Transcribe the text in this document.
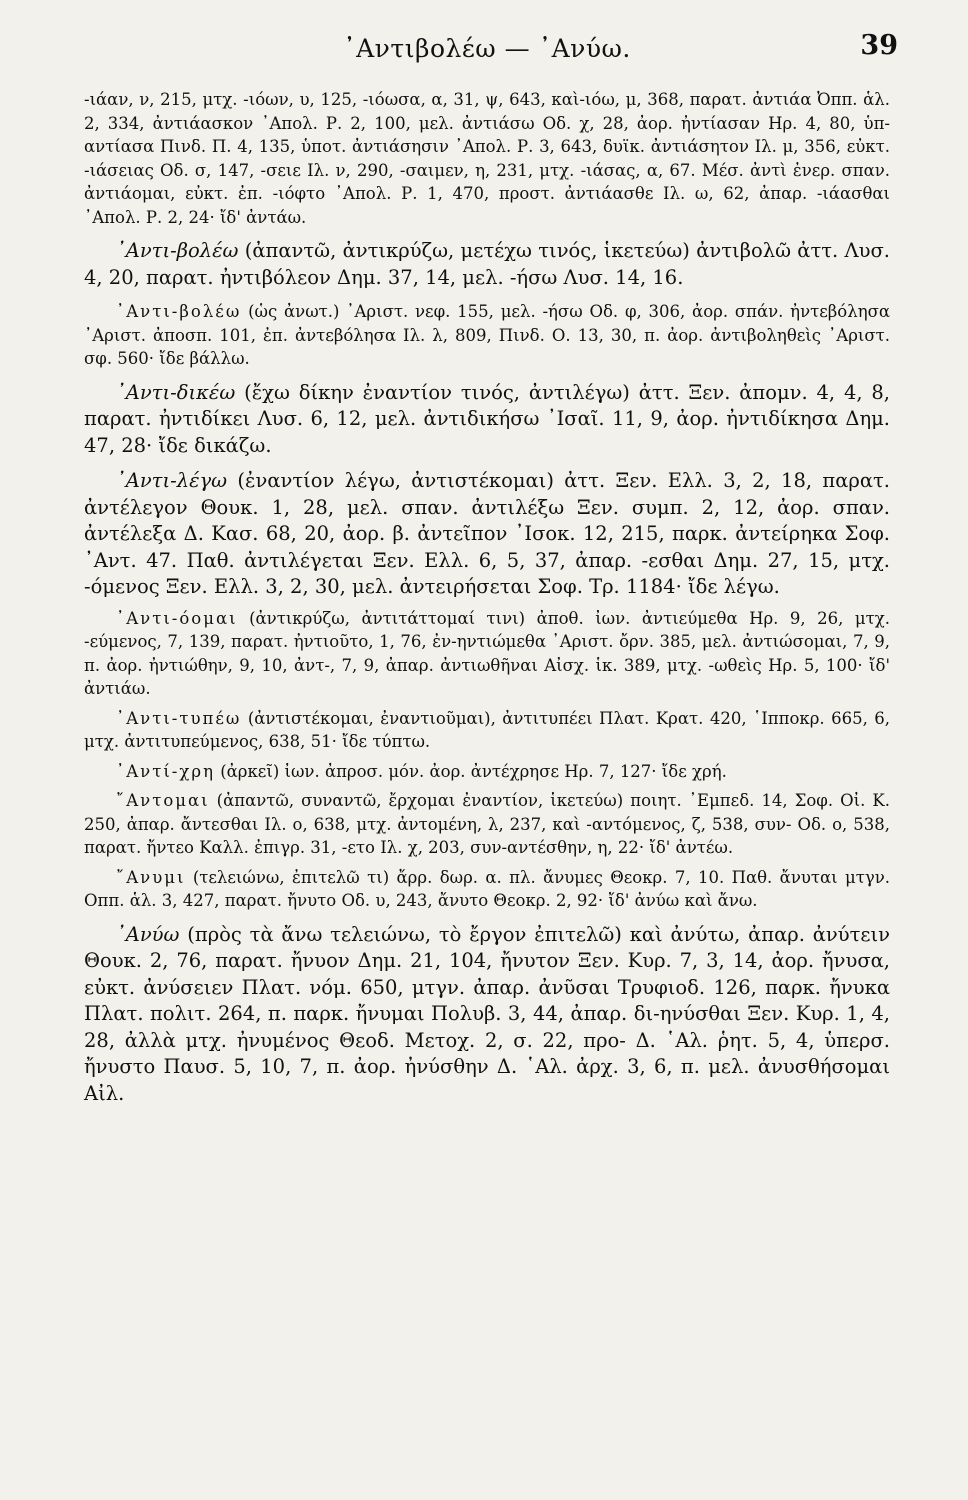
᾿Αντιβολέω — ᾿Ανύω.	39

-ιάαν, ν, 215, μτχ. -ιόων, υ, 125, -ιόωσα, α, 31, ψ, 643, καὶ-ιόω, μ, 368, παρατ. ἀντιάα Ὀππ. ἁλ. 2, 334, ἀντιάασκον ᾿Απολ. Ρ. 2, 100, μελ. ἀντιάσω Οδ. χ, 28, ἀορ. ἠντίασαν Ηρ. 4, 80, ὑπ-αντίασα Πινδ. Π. 4, 135, ὑποτ. ἀντιάσησιν ᾿Απολ. Ρ. 3, 643, δυϊκ. ἀντιάσητον Ιλ. μ, 356, εὐκτ. -ιάσειας Οδ. σ, 147, -σειε Ιλ. ν, 290, -σαιμεν, η, 231, μτχ. -ιάσας, α, 67. Μέσ. ἀντὶ ἐνερ. σπαν. ἀντιάομαι, εὐκτ. ἐπ. -ιόφτο ᾿Απολ. Ρ. 1, 470, προστ. ἀντιάασθε Ιλ. ω, 62, ἀπαρ. -ιάασθαι ᾿Απολ. Ρ. 2, 24· ἴδ' ἀντάω.

᾿Αντι-βολέω (ἀπαντῶ, ἀντικρύζω, μετέχω τινός, ἱκετεύω) ἀντιβολῶ ἀττ. Λυσ. 4, 20, παρατ. ἠντιβόλεον Δημ. 37, 14, μελ. -ήσω Λυσ. 14, 16.

᾿Αντι-βολέω (ὡς ἀνωτ.) ᾿Αριστ. νεφ. 155, μελ. -ήσω Οδ. φ, 306, ἀορ. σπάν. ἠντεβόλησα ᾿Αριστ. ἀποσπ. 101, ἐπ. ἀντεβόλησα Ιλ. λ, 809, Πινδ. Ο. 13, 30, π. ἀορ. ἀντιβοληθεὶς ᾿Αριστ. σφ. 560· ἴδε βάλλω.

᾿Αντι-δικέω (ἔχω δίκην ἐναντίον τινός, ἀντιλέγω) ἀττ. Ξεν. ἀπομν. 4, 4, 8, παρατ. ἠντιδίκει Λυσ. 6, 12, μελ. ἀντιδικήσω ᾿Ισαῖ. 11, 9, ἀορ. ἠντιδίκησα Δημ. 47, 28· ἴδε δικάζω.

᾿Αντι-λέγω (ἐναντίον λέγω, ἀντιστέκομαι) ἀττ. Ξεν. Ελλ. 3, 2, 18, παρατ. ἀντέλεγον Θουκ. 1, 28, μελ. σπαν. ἀντιλέξω Ξεν. συμπ. 2, 12, ἀορ. σπαν. ἀντέλεξα Δ. Κασ. 68, 20, ἀορ. β. ἀντεῖπον ᾿Ισοκ. 12, 215, παρκ. ἀντείρηκα Σοφ. ᾿Αντ. 47. Παθ. ἀντιλέγεται Ξεν. Ελλ. 6, 5, 37, ἀπαρ. -εσθαι Δημ. 27, 15, μτχ. -όμενος Ξεν. Ελλ. 3, 2, 30, μελ. ἀντειρήσεται Σοφ. Τρ. 1184· ἴδε λέγω.

᾿Αντι-όομαι (ἀντικρύζω, ἀντιτάττομαί τινι) ἀποθ. ἰων. ἀντιεύμεθα Ηρ. 9, 26, μτχ. -εύμενος, 7, 139, παρατ. ἠντιοῦτο, 1, 76, ἐν-ηντιώμεθα ᾿Αριστ. ὄρν. 385, μελ. ἀντιώσομαι, 7, 9, π. ἀορ. ἠντιώθην, 9, 10, ἀντ-, 7, 9, ἀπαρ. ἀντιωθῆναι Αἰσχ. ἱκ. 389, μτχ. -ωθεὶς Ηρ. 5, 100· ἴδ' ἀντιάω.

᾿Αντι-τυπέω (ἀντιστέκομαι, ἐναντιοῦμαι), ἀντιτυπέει Πλατ. Κρατ. 420, ῾Ιπποκρ. 665, 6, μτχ. ἀντιτυπεύμενος, 638, 51· ἴδε τύπτω.

᾿Αντί-χρη (ἀρκεῖ) ἰων. ἀπροσ. μόν. ἀορ. ἀντέχρησε Ηρ. 7, 127· ἴδε χρή.

῎Αντομαι (ἀπαντῶ, συναντῶ, ἔρχομαι ἐναντίον, ἱκετεύω) ποιητ. ᾿Εμπεδ. 14, Σοφ. Οἰ. Κ. 250, ἀπαρ. ἄντεσθαι Ιλ. ο, 638, μτχ. ἀντομένη, λ, 237, καὶ -αντόμενος, ζ, 538, συν- Οδ. ο, 538, παρατ. ἤντεο Καλλ. ἐπιγρ. 31, -ετο Ιλ. χ, 203, συν-αντέσθην, η, 22· ἴδ' ἀντέω.

῎Ανυμι (τελειώνω, ἐπιτελῶ τι) ἄρρ. δωρ. α. πλ. ἄνυμες Θεοκρ. 7, 10. Παθ. ἄνυται μτγν. Οππ. ἁλ. 3, 427, παρατ. ἤνυτο Οδ. υ, 243, ἄνυτο Θεοκρ. 2, 92· ἴδ' ἀνύω καὶ ἄνω.

᾿Ανύω (πρὸς τὰ ἄνω τελειώνω, τὸ ἔργον ἐπιτελῶ) καὶ ἀνύτω, ἀπαρ. ἀνύτειν Θουκ. 2, 76, παρατ. ἤνυον Δημ. 21, 104, ἤνυτον Ξεν. Κυρ. 7, 3, 14, ἀορ. ἤνυσα, εὐκτ. ἀνύσειεν Πλατ. νόμ. 650, μτγν. ἀπαρ. ἀνῦσαι Τρυφιοδ. 126, παρκ. ἤνυκα Πλατ. πολιτ. 264, π. παρκ. ἤνυμαι Πολυβ. 3, 44, ἀπαρ. δι-ηνύσθαι Ξεν. Κυρ. 1, 4, 28, ἀλλὰ μτχ. ἠνυμένος Θεοδ. Μετοχ. 2, σ. 22, προ- Δ. ῾Αλ. ῥητ. 5, 4, ὑπερσ. ἤνυστο Παυσ. 5, 10, 7, π. ἀορ. ἠνύσθην Δ. ῾Αλ. ἀρχ. 3, 6, π. μελ. ἀνυσθήσομαι Αἰλ.
